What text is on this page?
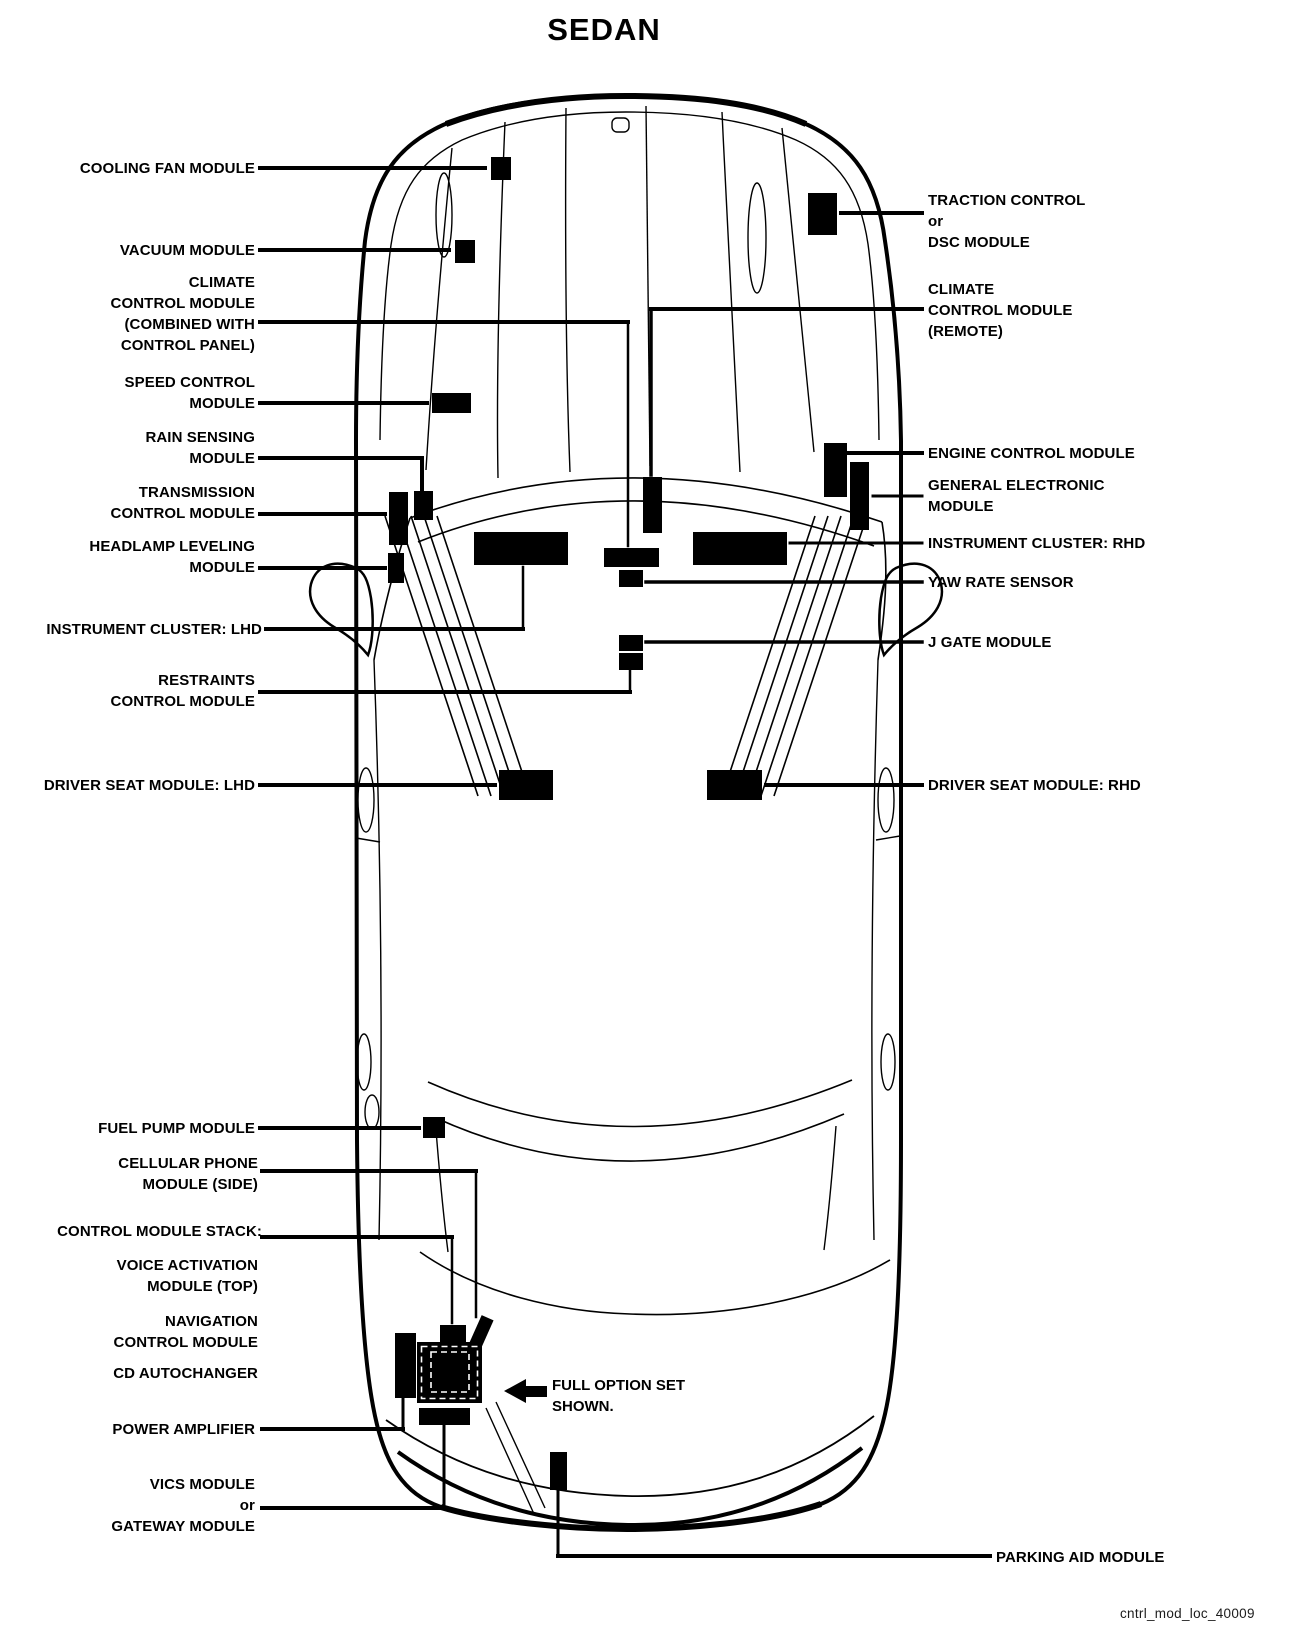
SEDAN
COOLING FAN MODULE
VACUUM MODULE
CLIMATE
CONTROL MODULE
(COMBINED WITH
CONTROL PANEL)
SPEED CONTROL
MODULE
RAIN SENSING
MODULE
TRANSMISSION
CONTROL MODULE
HEADLAMP LEVELING
MODULE
INSTRUMENT CLUSTER: LHD
RESTRAINTS
CONTROL MODULE
DRIVER SEAT MODULE: LHD
FUEL PUMP MODULE
CELLULAR PHONE
MODULE (SIDE)
CONTROL MODULE STACK:
VOICE ACTIVATION
MODULE (TOP)
NAVIGATION
CONTROL MODULE
CD AUTOCHANGER
POWER AMPLIFIER
VICS MODULE
or
GATEWAY MODULE
TRACTION CONTROL
or
DSC MODULE
CLIMATE
CONTROL MODULE
(REMOTE)
ENGINE CONTROL MODULE
GENERAL ELECTRONIC
MODULE
INSTRUMENT CLUSTER: RHD
YAW RATE SENSOR
J GATE MODULE
DRIVER SEAT MODULE: RHD
PARKING AID MODULE
FULL OPTION SET
SHOWN.
cntrl_mod_loc_40009
